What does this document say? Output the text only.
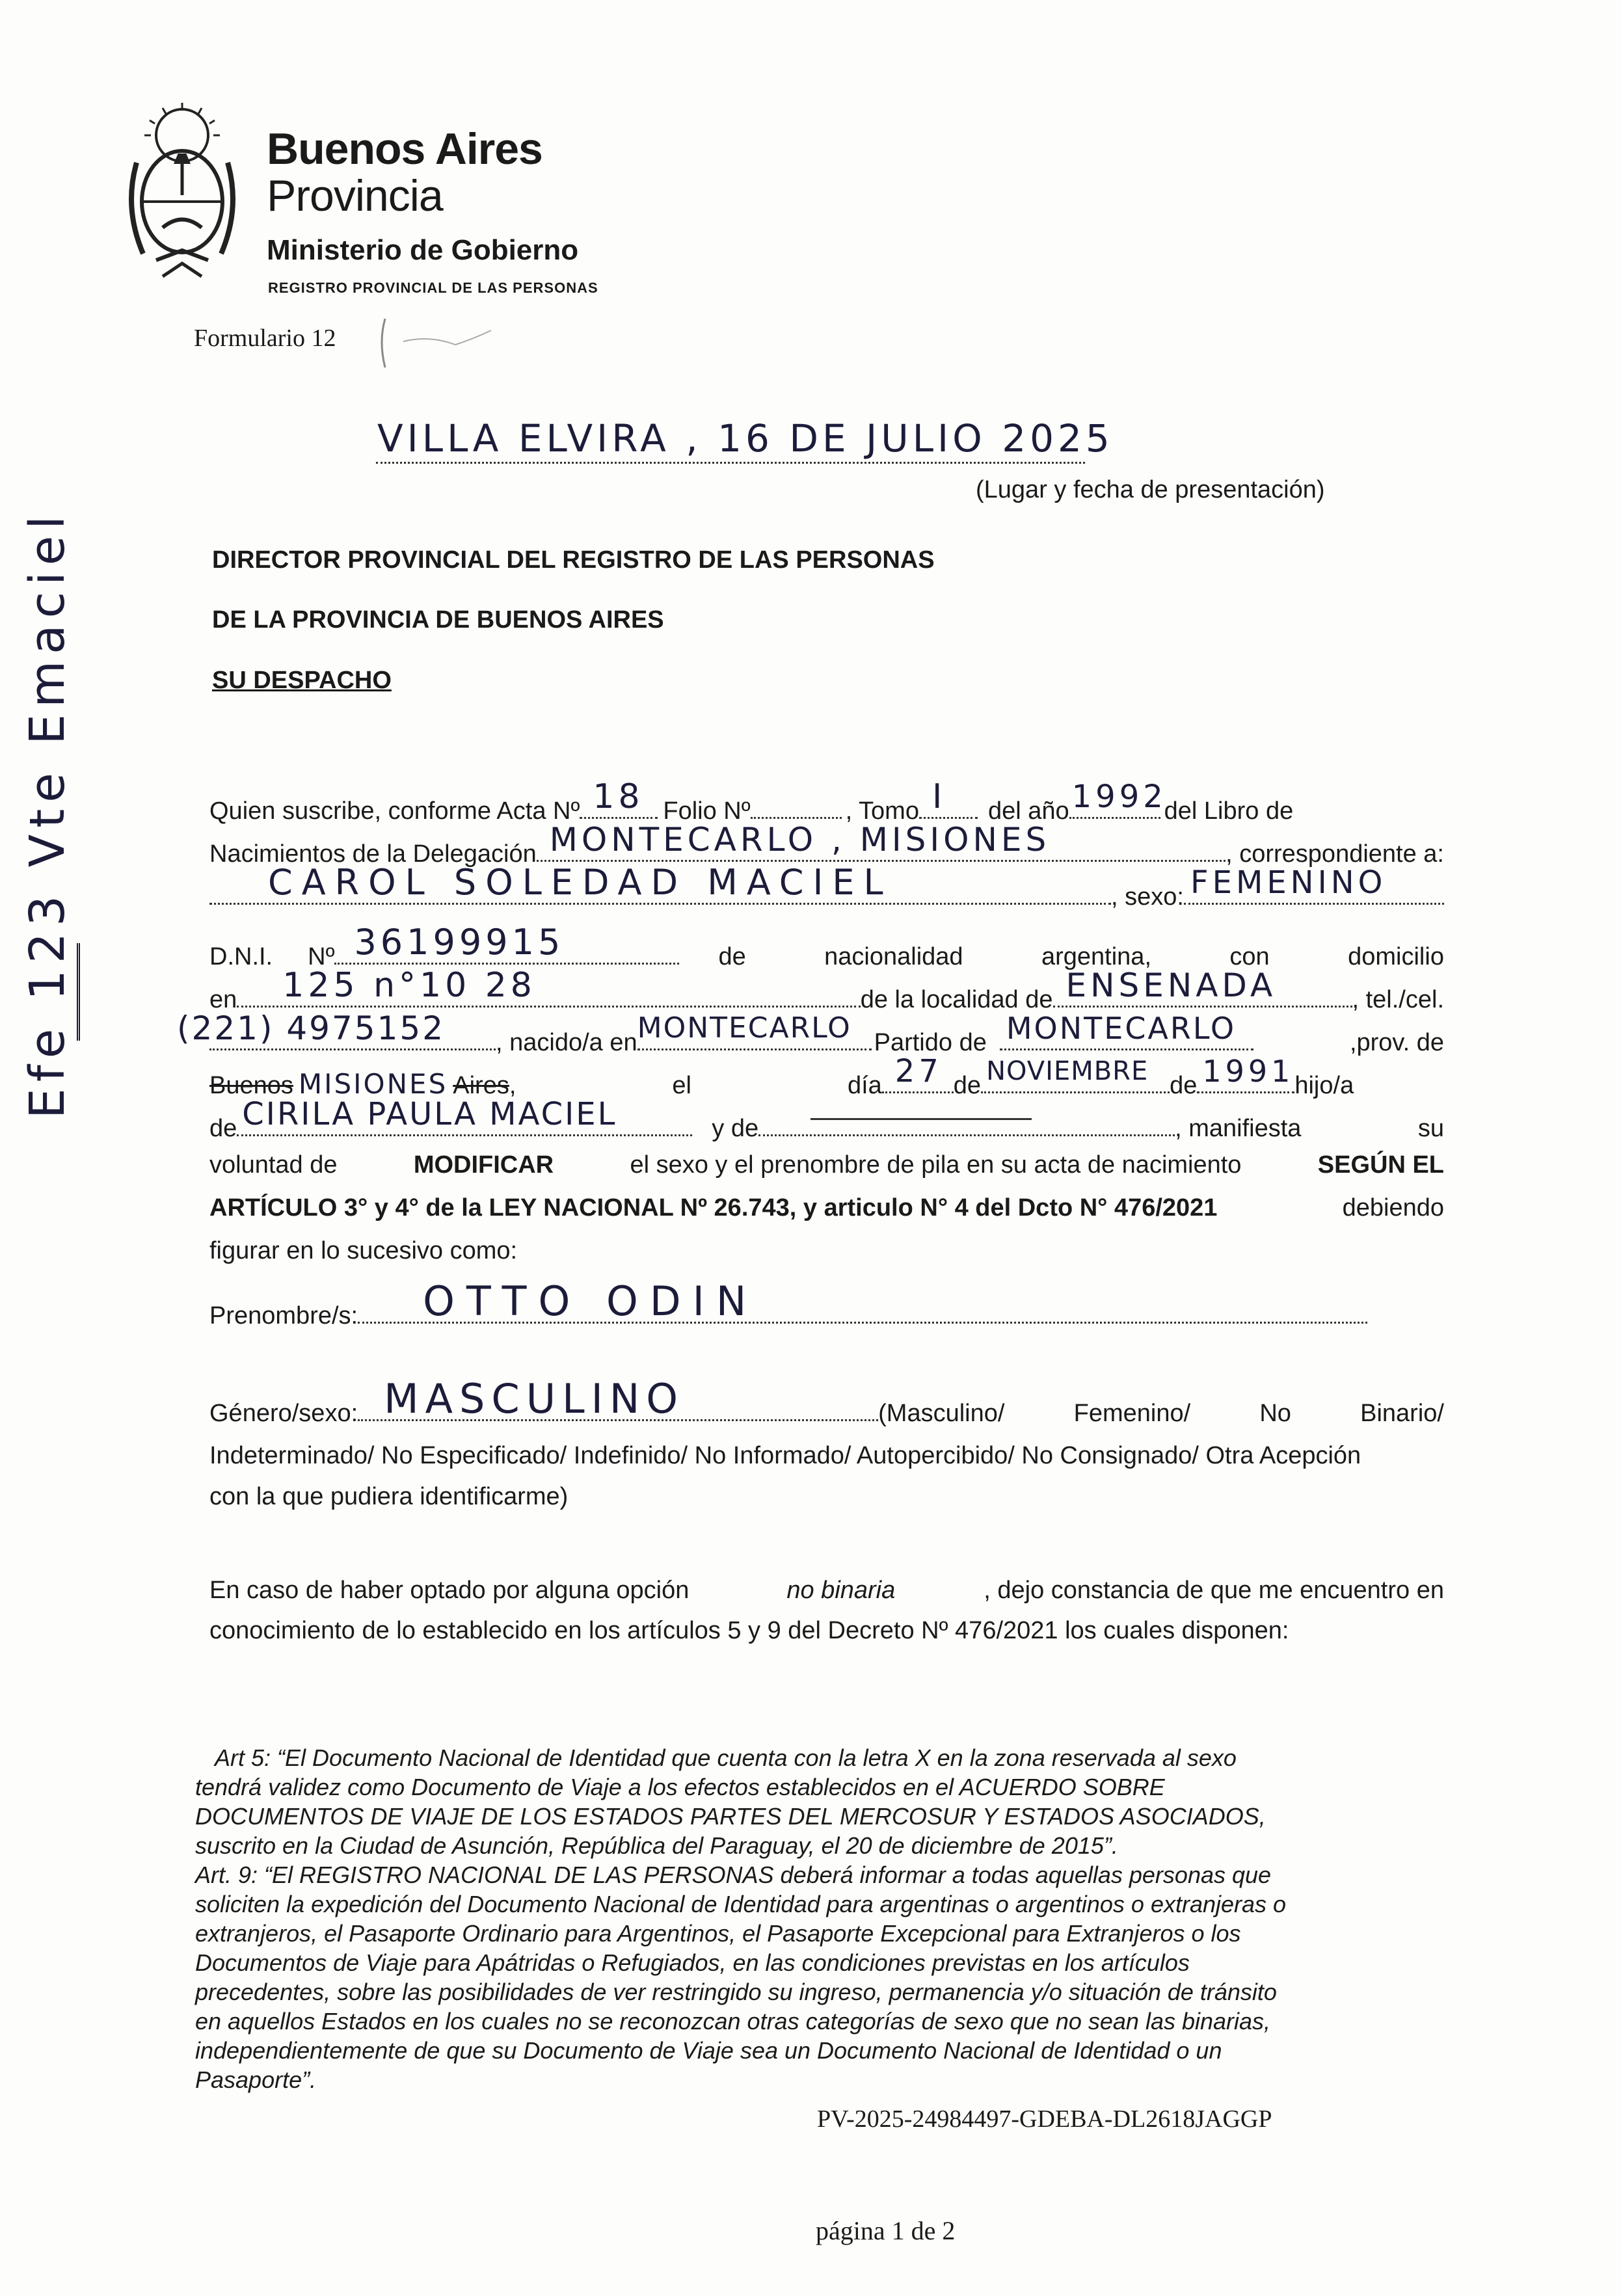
Buenos Aires
Provincia
Ministerio de Gobierno
REGISTRO PROVINCIAL DE LAS PERSONAS
Formulario 12
Efe 123 Vte Emaciel
VILLA ELVIRA , 16 DE JULIO 2025
(Lugar y fecha de presentación)
DIRECTOR PROVINCIAL DEL REGISTRO DE LAS PERSONAS
DE LA PROVINCIA DE BUENOS AIRES
SU DESPACHO
Quien suscribe, conforme Acta Nº 18 Folio Nº	, Tomo I del año 1992
del Libro de
Nacimientos de la Delegación MONTECARLO , MISIONES	, correspondiente a:
CAROL SOLEDAD MACIEL	, sexo: FEMENINO
D.N.I. Nº 36199915	de	nacionalidad	argentina,	con	domicilio
en 125 n°10 28	de la localidad de ENSENADA	, tel./cel.
(221) 4975152 , nacido/a en MONTECARLO Partido de MONTECARLO	,prov. de
Buenos MISIONES Aires ,	el	día 27 de NOVIEMBRE de 1991 hijo/a
de CIRILA PAULA MACIEL	y de	, manifiesta	su
voluntad de	MODIFICAR	el sexo y el prenombre de pila en su acta de nacimiento	SEGÚN EL
ARTÍCULO 3° y 4° de la LEY NACIONAL Nº 26.743, y articulo N° 4 del Dcto N° 476/2021	debiendo
figurar en lo sucesivo como:
Prenombre/s: OTTO ODIN
Género/sexo: MASCULINO	(Masculino/	Femenino/	No	Binario/
Indeterminado/ No Especificado/ Indefinido/ No Informado/ Autopercibido/ No Consignado/ Otra Acepción
con la que pudiera identificarme)
En caso de haber optado por alguna opción	no binaria	, dejo constancia de que me encuentro en
conocimiento de lo establecido en los artículos 5 y 9 del Decreto Nº 476/2021 los cuales disponen:
Art 5: “El Documento Nacional de Identidad que cuenta con la letra X en la zona reservada al sexo
tendrá validez como Documento de Viaje a los efectos establecidos en el ACUERDO SOBRE
DOCUMENTOS DE VIAJE DE LOS ESTADOS PARTES DEL MERCOSUR Y ESTADOS ASOCIADOS,
suscrito en la Ciudad de Asunción, República del Paraguay, el 20 de diciembre de 2015”.
Art. 9: “El REGISTRO NACIONAL DE LAS PERSONAS deberá informar a todas aquellas personas que
soliciten la expedición del Documento Nacional de Identidad para argentinas o argentinos o extranjeras o
extranjeros, el Pasaporte Ordinario para Argentinos, el Pasaporte Excepcional para Extranjeros o los
Documentos de Viaje para Apátridas o Refugiados, en las condiciones previstas en los artículos
precedentes, sobre las posibilidades de ver restringido su ingreso, permanencia y/o situación de tránsito
en aquellos Estados en los cuales no se reconozcan otras categorías de sexo que no sean las binarias,
independientemente de que su Documento de Viaje sea un Documento Nacional de Identidad o un
Pasaporte”.
PV-2025-24984497-GDEBA-DL2618JAGGP
página 1 de 2
